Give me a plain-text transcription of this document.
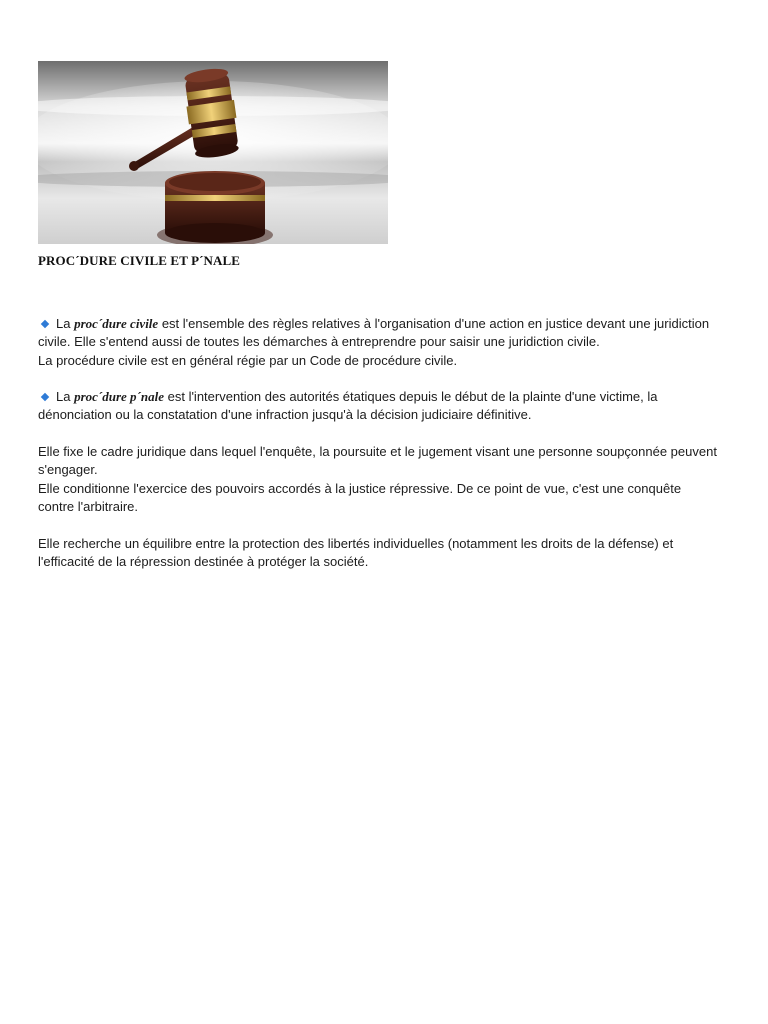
PROC´DURE CIVILE ET P´NALE

La proc´dure civile est l'ensemble des règles relatives à l'organisation d'une action en justice devant une juridiction civile. Elle s'entend aussi de toutes les démarches à entreprendre pour saisir une juridiction civile.

La procédure civile est en général régie par un Code de procédure civile.

La proc´dure p´nale est l'intervention des autorités étatiques depuis le début de la plainte d'une victime, la dénonciation ou la constatation d'une infraction jusqu'à la décision judiciaire définitive.

Elle fixe le cadre juridique dans lequel l'enquête, la poursuite et le jugement visant une personne soupçonnée peuvent s'engager.

Elle conditionne l'exercice des pouvoirs accordés à la justice répressive. De ce point de vue, c'est une conquête contre l'arbitraire.

Elle recherche un équilibre entre la protection des libertés individuelles (notamment les droits de la défense) et l'efficacité de la répression destinée à protéger la société.
